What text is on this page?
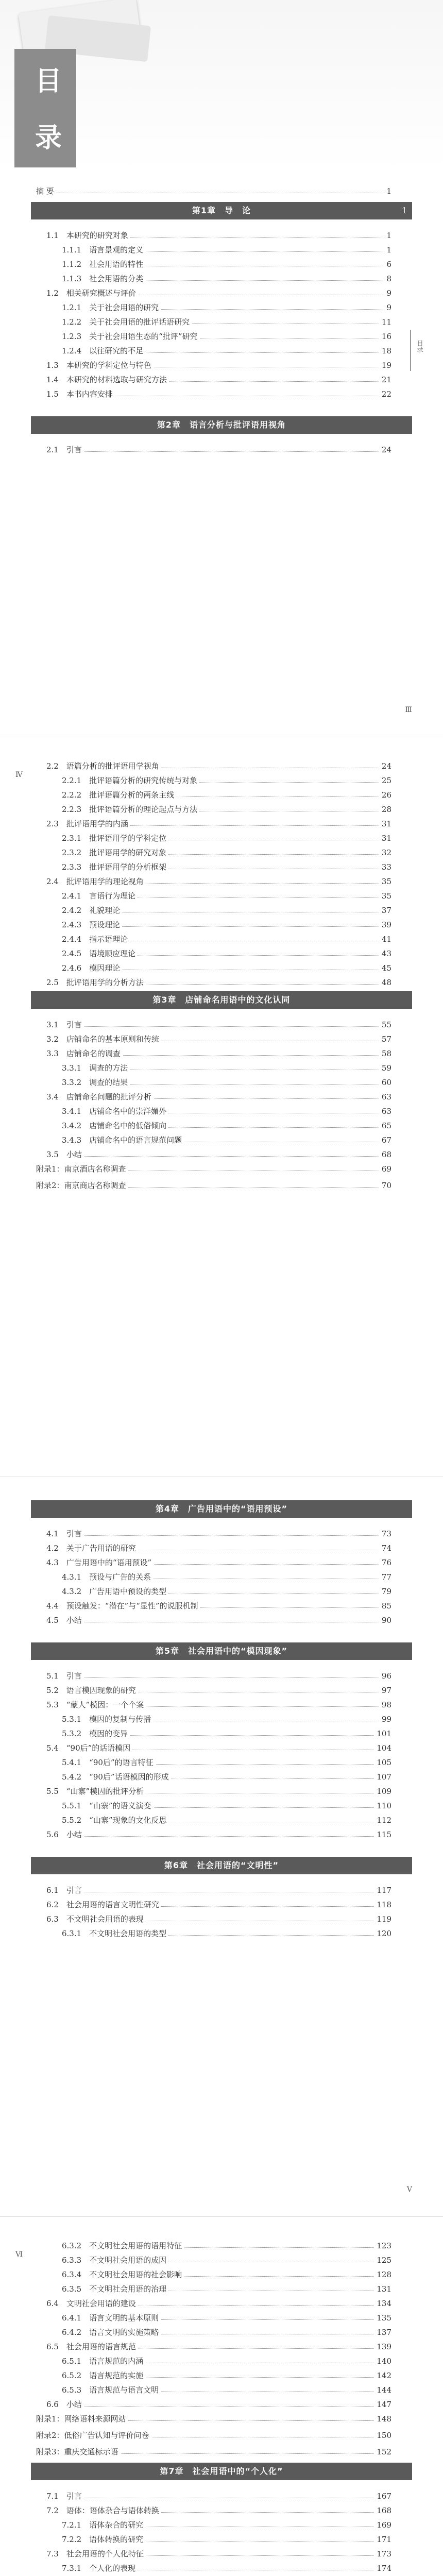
目
录
摘 要	1
第1章　导　论	1
1.1　本研究的研究对象	1
1.1.1　语言景观的定义	1
1.1.2　社会用语的特性	6
1.1.3　社会用语的分类	8
1.2　相关研究概述与评价	9
1.2.1　关于社会用语的研究	9
1.2.2　关于社会用语的批评话语研究	11
1.2.3　关于社会用语生态的“批评”研究	16
1.2.4　以往研究的不足	18
1.3　本研究的学科定位与特色	19
1.4　本研究的材料选取与研究方法	21
1.5　本书内容安排	22
第2章　语言分析与批评语用视角
2.1　引言	24
Ⅲ
目录
2.2　语篇分析的批评语用学视角	24
2.2.1　批评语篇分析的研究传统与对象	25
2.2.2　批评语篇分析的两条主线	26
2.2.3　批评语篇分析的理论起点与方法	28
2.3　批评语用学的内涵	31
2.3.1　批评语用学的学科定位	31
2.3.2　批评语用学的研究对象	32
2.3.3　批评语用学的分析框架	33
2.4　批评语用学的理论视角	35
2.4.1　言语行为理论	35
2.4.2　礼貌理论	37
2.4.3　预设理论	39
2.4.4　指示语理论	41
2.4.5　语境顺应理论	43
2.4.6　模因理论	45
2.5　批评语用学的分析方法	48
第3章　店铺命名用语中的文化认同
3.1　引言	55
3.2　店铺命名的基本原则和传统	57
3.3　店铺命名的调查	58
3.3.1　调查的方法	59
3.3.2　调查的结果	60
3.4　店铺命名问题的批评分析	63
3.4.1　店铺命名中的崇洋媚外	63
3.4.2　店铺命名中的低俗倾向	65
3.4.3　店铺命名中的语言规范问题	67
3.5　小结	68
附录1：南京酒店名称调查	69
附录2：南京商店名称调查	70
Ⅳ
第4章　广告用语中的“语用预设”
4.1　引言	73
4.2　关于广告用语的研究	74
4.3　广告用语中的“语用预设”	76
4.3.1　预设与广告的关系	77
4.3.2　广告用语中预设的类型	79
4.4　预设触发：“潜在”与“显性”的说服机制	85
4.5　小结	90
第5章　社会用语中的“模因现象”
5.1　引言	96
5.2　语言模因现象的研究	97
5.3　“蒙人”模因：一个个案	98
5.3.1　模因的复制与传播	99
5.3.2　模因的变异	101
5.4　“90后”的话语模因	104
5.4.1　“90后”的语言特征	105
5.4.2　“90后”话语模因的形成	107
5.5　“山寨”模因的批评分析	109
5.5.1　“山寨”的语义演变	110
5.5.2　“山寨”现象的文化反思	112
5.6　小结	115
第6章　社会用语的“文明性”
6.1　引言	117
6.2　社会用语的语言文明性研究	118
6.3　不文明社会用语的表现	119
6.3.1　不文明社会用语的类型	120
Ⅴ
6.3.2　不文明社会用语的语用特征	123
6.3.3　不文明社会用语的成因	125
6.3.4　不文明社会用语的社会影响	128
6.3.5　不文明社会用语的治理	131
6.4　文明社会用语的建设	134
6.4.1　语言文明的基本原则	135
6.4.2　语言文明的实施策略	137
6.5　社会用语的语言规范	139
6.5.1　语言规范的内涵	140
6.5.2　语言规范的实施	142
6.5.3　语言规范与语言文明	144
6.6　小结	147
附录1：网络语料来源网站	148
附录2：低俗广告认知与评价问卷	150
附录3：重庆交通标示语	152
第7章　社会用语中的“个人化”
7.1　引言	167
7.2　语体：语体杂合与语体转换	168
7.2.1　语体杂合的研究	169
7.2.2　语体转换的研究	171
7.3　社会用语的个人化特征	173
7.3.1　个人化的表现	174
Ⅵ
